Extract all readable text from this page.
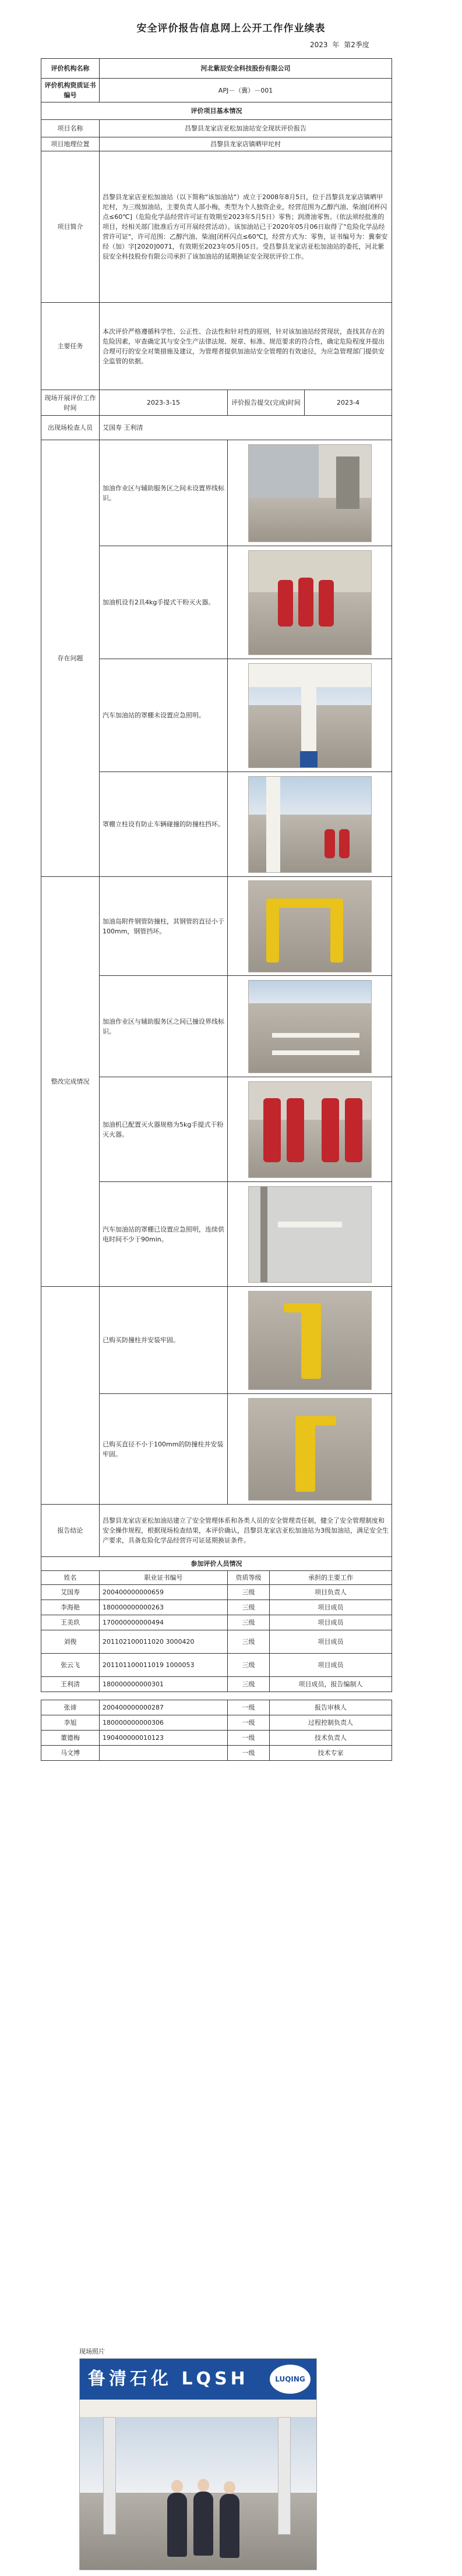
安全评价报告信息网上公开工作作业续表
2023 年 第2季度
评价机构名称	河北紫辰安全科技股份有限公司			
评价机构资质证书编号	APJ－（冀）－001			
评价项目基本情况				
项目名称	昌黎县龙家店亚松加油站安全现状评价报告			
项目地理位置	昌黎县龙家店镇晒甲坨村			
项目简介	昌黎县龙家店亚松加油站（以下简称"该加油站"）成立于2008年8月5日，位于昌黎县龙家店镇晒甲坨村，为三级加油站，主要负责人部小梅，类型为个人独资企业，经营范围为乙醇汽油、柴油[闭杯闪点≤60℃]（危险化学品经营许可证有效期至2023年5月5日）零售；润滑油零售。（依法须经批准的项目，经相关部门批准后方可开展经营活动）。该加油站已于2020年05月06日取得了"危险化学品经营许可证"，许可范围：乙醇汽油、柴油[闭杯闪点≤60℃]，经营方式为：零售，证书编号为：冀秦安经（加）字[2020]0071，有效期至2023年05月05日。受昌黎县龙家店亚松加油站的委托，河北紫辰安全科技股份有限公司承担了该加油站的延期换证安全现状评价工作。			
主要任务	本次评价严格遵循科学性、公正性、合法性和针对性的原则，针对该加油站经营现状，查找其存在的危险因素，审查确定其与安全生产法律法规、规章、标准、规范要求的符合性，确定危险程度并提出合理可行的安全对策措施及建议，为管理者提供加油站安全管理的有效途径，为应急管理部门提供安全监管的依据。			
现场开展评价工作时间	2023-3-15	评价报告提交(完成)时间		2023-4
出现场检查人员	艾国寿 王利清			
存在问题	加油作业区与辅助服务区之间未设置界线标识。			

	加油机设有2具4kg手提式干粉灭火器。			

	汽车加油站的罩棚未设置应急照明。			

	罩棚立柱设有防止车辆碰撞的防撞柱挡坏。			

整改完成情况	加油岛附件钢管防撞柱，其钢管的直径小于100mm，钢管挡坏。			

	加油作业区与辅助服务区之间已撞设界线标识。			

	加油机已配置灭火器规格为5kg手提式干粉灭火器。			

	汽车加油站的罩棚已设置应急照明，连续供电时间不少于90min。			

	已购买防撞柱并安装牢固。			

	已购买直径不小于100mm的防撞柱并安装牢固。			

报告结论	昌黎县龙家店亚松加油站建立了安全管理体系和各类人员的安全管理责任制，健全了安全管理制度和安全操作规程，根据现场检查结果，本评价确认，昌黎县龙家店亚松加油站为3级加油站，满足安全生产要求，具备危险化学品经营许可证延期换证条件。			
参加评价人员情况				
姓名	职业证书编号	资质等级	承担的主要工作	
艾国寿	200400000000659	三级	项目负责人	
李海艳	180000000000263	三级	项目成员	
王美玖	170000000000494	三级	项目成员	
刘俊	201102100011020 3000420	三级	项目成员	
张云飞	201101100011019 1000053	三级	项目成员	
王利清	180000000000301	三级	项目成员，报告编制人	

张谛	200400000000287	一级	报告审核人	
李旭	180000000000306	一级	过程控制负责人	
董德梅	190400000010123	一级	技术负责人	
马文博		一级	技术专家	
现场照片
鲁清石化 LQSH	LUQING
